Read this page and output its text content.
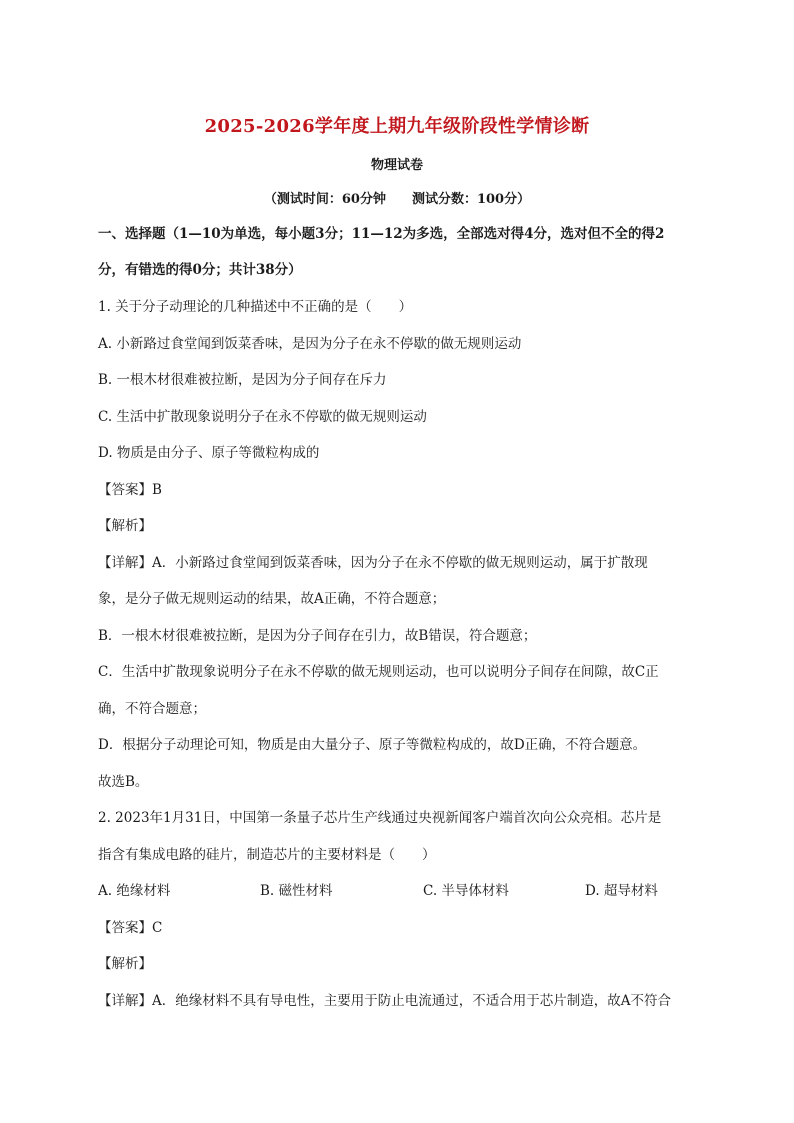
2025-2026学年度上期九年级阶段性学情诊断
物理试卷
（测试时间：60分钟　　测试分数：100分）
一、选择题（1—10为单选，每小题3分；11—12为多选，全部选对得4分，选对但不全的得2
分，有错选的得0分；共计38分）
1. 关于分子动理论的几种描述中不正确的是（　　）
A. 小新路过食堂闻到饭菜香味，是因为分子在永不停歇的做无规则运动
B. 一根木材很难被拉断，是因为分子间存在斥力
C. 生活中扩散现象说明分子在永不停歇的做无规则运动
D. 物质是由分子、原子等微粒构成的
【答案】B
【解析】
【详解】A．小新路过食堂闻到饭菜香味，因为分子在永不停歇的做无规则运动，属于扩散现
象，是分子做无规则运动的结果，故A正确，不符合题意；
B．一根木材很难被拉断，是因为分子间存在引力，故B错误，符合题意；
C．生活中扩散现象说明分子在永不停歇的做无规则运动，也可以说明分子间存在间隙，故C正
确，不符合题意；
D．根据分子动理论可知，物质是由大量分子、原子等微粒构成的，故D正确，不符合题意。
故选B。
2. 2023年1月31日，中国第一条量子芯片生产线通过央视新闻客户端首次向公众亮相。芯片是
指含有集成电路的硅片，制造芯片的主要材料是（　　）
A. 绝缘材料	B. 磁性材料	C. 半导体材料	D. 超导材料
【答案】C
【解析】
【详解】A．绝缘材料不具有导电性，主要用于防止电流通过，不适合用于芯片制造，故A不符合
